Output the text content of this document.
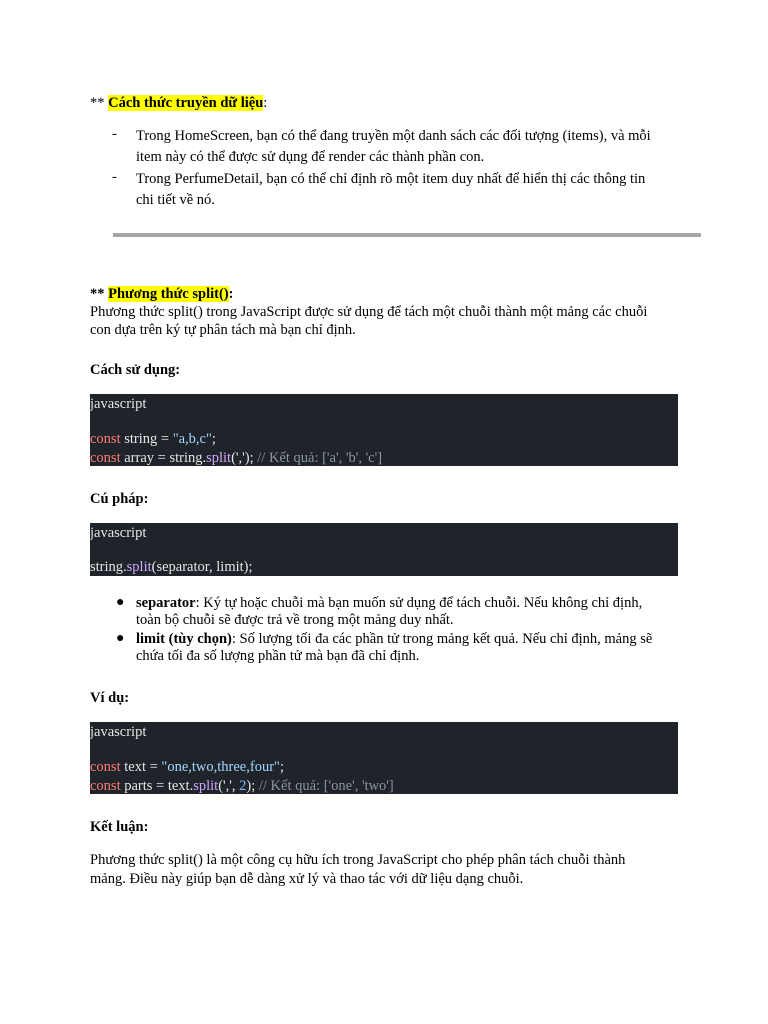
** Cách thức truyền dữ liệu:
- Trong HomeScreen, bạn có thể đang truyền một danh sách các đối tượng (items), và mỗi
item này có thể được sử dụng để render các thành phần con.
- Trong PerfumeDetail, bạn có thể chỉ định rõ một item duy nhất để hiển thị các thông tin
chi tiết về nó.
** Phương thức split():
Phương thức split() trong JavaScript được sử dụng để tách một chuỗi thành một mảng các chuỗi
con dựa trên ký tự phân tách mà bạn chỉ định.
Cách sử dụng:
javascript
const string = "a,b,c";
const array = string.split(','); // Kết quả: ['a', 'b', 'c']
Cú pháp:
javascript
string.split(separator, limit);
● separator: Ký tự hoặc chuỗi mà bạn muốn sử dụng để tách chuỗi. Nếu không chỉ định,
toàn bộ chuỗi sẽ được trả về trong một mảng duy nhất.
● limit (tùy chọn): Số lượng tối đa các phần tử trong mảng kết quả. Nếu chỉ định, mảng sẽ
chứa tối đa số lượng phần tử mà bạn đã chỉ định.
Ví dụ:
javascript
const text = "one,two,three,four";
const parts = text.split(',', 2); // Kết quả: ['one', 'two']
Kết luận:
Phương thức split() là một công cụ hữu ích trong JavaScript cho phép phân tách chuỗi thành
mảng. Điều này giúp bạn dễ dàng xử lý và thao tác với dữ liệu dạng chuỗi.
